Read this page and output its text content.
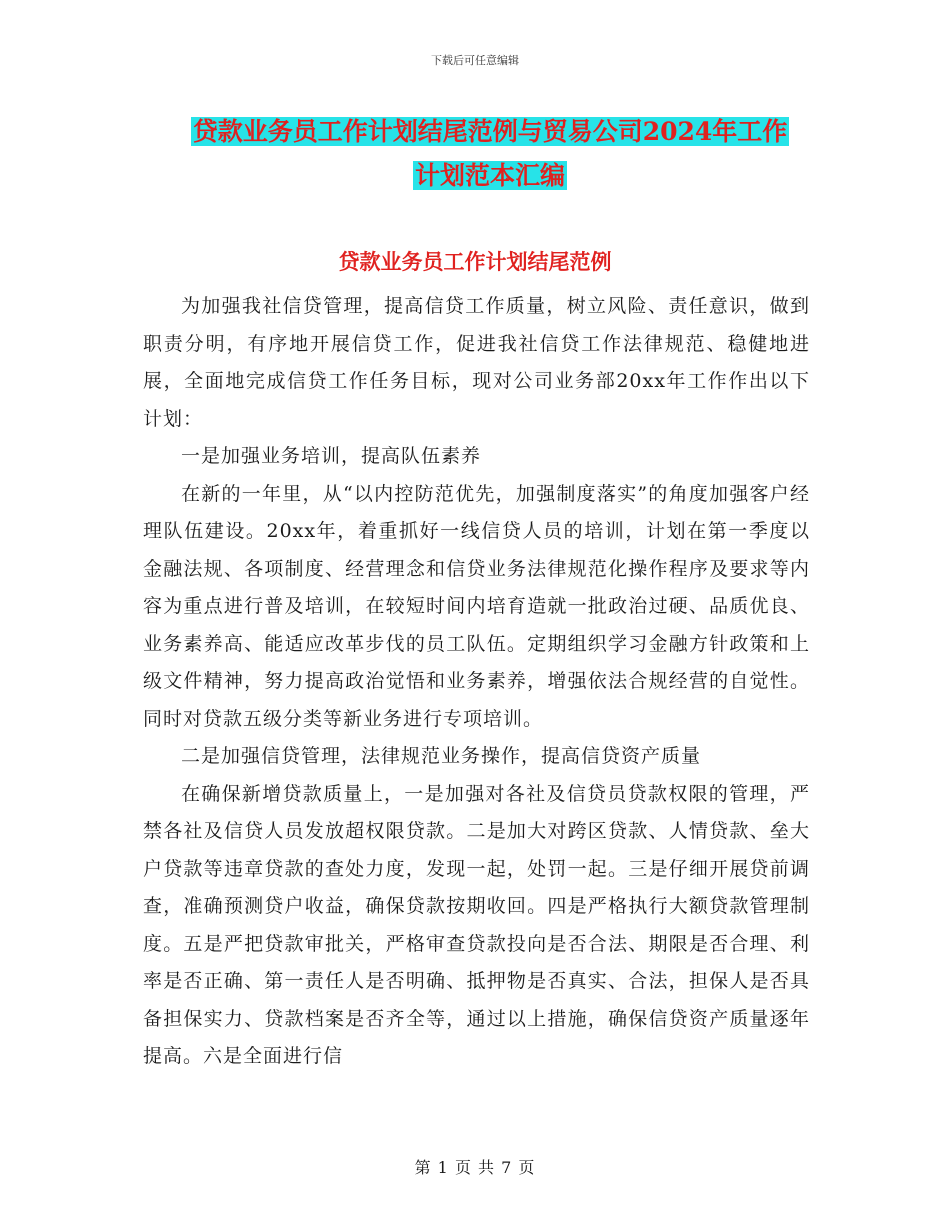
下载后可任意编辑
贷款业务员工作计划结尾范例与贸易公司2024年工作
计划范本汇编
贷款业务员工作计划结尾范例

为加强我社信贷管理，提高信贷工作质量，树立风险、责任意识，做到职责分明，有序地开展信贷工作，促进我社信贷工作法律规范、稳健地进展，全面地完成信贷工作任务目标，现对公司业务部20xx年工作作出以下计划：

一是加强业务培训，提高队伍素养

在新的一年里，从“以内控防范优先，加强制度落实”的角度加强客户经理队伍建设。20xx年，着重抓好一线信贷人员的培训，计划在第一季度以金融法规、各项制度、经营理念和信贷业务法律规范化操作程序及要求等内容为重点进行普及培训，在较短时间内培育造就一批政治过硬、品质优良、业务素养高、能适应改革步伐的员工队伍。定期组织学习金融方针政策和上级文件精神，努力提高政治觉悟和业务素养，增强依法合规经营的自觉性。同时对贷款五级分类等新业务进行专项培训。

二是加强信贷管理，法律规范业务操作，提高信贷资产质量

在确保新增贷款质量上，一是加强对各社及信贷员贷款权限的管理，严禁各社及信贷人员发放超权限贷款。二是加大对跨区贷款、人情贷款、垒大户贷款等违章贷款的查处力度，发现一起，处罚一起。三是仔细开展贷前调查，准确预测贷户收益，确保贷款按期收回。四是严格执行大额贷款管理制度。五是严把贷款审批关，严格审查贷款投向是否合法、期限是否合理、利率是否正确、第一责任人是否明确、抵押物是否真实、合法，担保人是否具备担保实力、贷款档案是否齐全等，通过以上措施，确保信贷资产质量逐年提高。六是全面进行信

第 1 页 共 7 页
